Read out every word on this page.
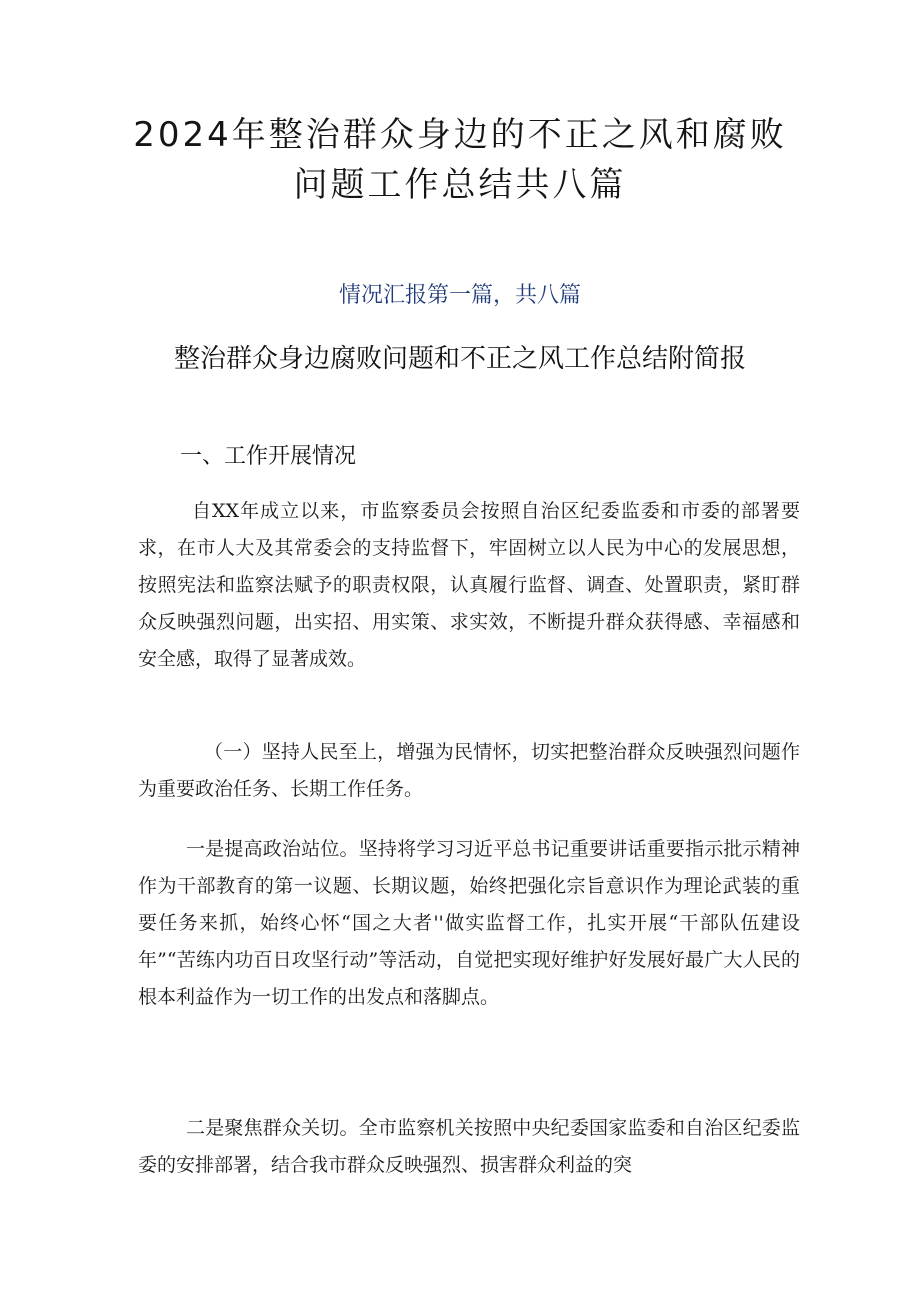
2024年整治群众身边的不正之风和腐败问题工作总结共八篇

情况汇报第一篇，共八篇

整治群众身边腐败问题和不正之风工作总结附简报
一、工作开展情况

自XX年成立以来，市监察委员会按照自治区纪委监委和市委的部署要求，在市人大及其常委会的支持监督下，牢固树立以人民为中心的发展思想，按照宪法和监察法赋予的职责权限，认真履行监督、调查、处置职责，紧盯群众反映强烈问题，出实招、用实策、求实效，不断提升群众获得感、幸福感和安全感，取得了显著成效。

（一）坚持人民至上，增强为民情怀，切实把整治群众反映强烈问题作为重要政治任务、长期工作任务。

一是提高政治站位。坚持将学习习近平总书记重要讲话重要指示批示精神作为干部教育的第一议题、长期议题，始终把强化宗旨意识作为理论武装的重要任务来抓，始终心怀“国之大者''做实监督工作，扎实开展“干部队伍建设年”“苦练内功百日攻坚行动”等活动，自觉把实现好维护好发展好最广大人民的根本利益作为一切工作的出发点和落脚点。

二是聚焦群众关切。全市监察机关按照中央纪委国家监委和自治区纪委监委的安排部署，结合我市群众反映强烈、损害群众利益的突
